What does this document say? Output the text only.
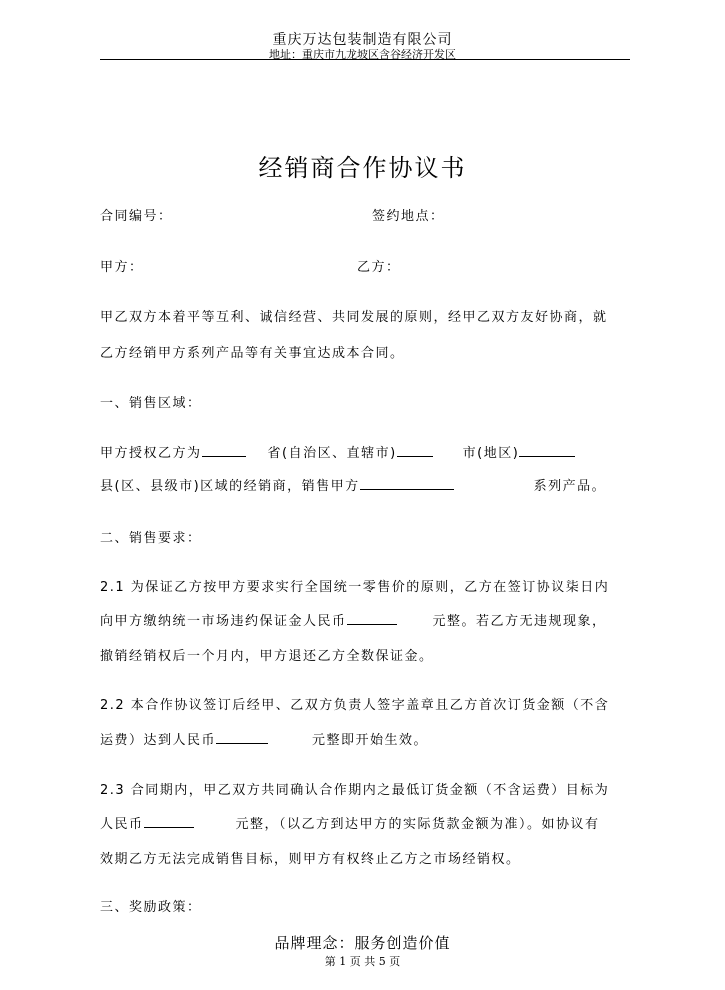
重庆万达包装制造有限公司
地址：重庆市九龙坡区含谷经济开发区
经销商合作协议书
合同编号：	签约地点：
甲方：	乙方：
甲乙双方本着平等互利、诚信经营、共同发展的原则，经甲乙双方友好协商，就
乙方经销甲方系列产品等有关事宜达成本合同。
一、销售区域：
甲方授权乙方为	省(自治区、直辖市)	市(地区)
县(区、县级市)区域的经销商，销售甲方	系列产品。
二、销售要求：
2.1 为保证乙方按甲方要求实行全国统一零售价的原则，乙方在签订协议柒日内
向甲方缴纳统一市场违约保证金人民币	元整。若乙方无违规现象，
撤销经销权后一个月内，甲方退还乙方全数保证金。
2.2 本合作协议签订后经甲、乙双方负责人签字盖章且乙方首次订货金额（不含
运费）达到人民币	元整即开始生效。
2.3 合同期内，甲乙双方共同确认合作期内之最低订货金额（不含运费）目标为
人民币	元整，（以乙方到达甲方的实际货款金额为准）。如协议有
效期乙方无法完成销售目标，则甲方有权终止乙方之市场经销权。
三、奖励政策：
品牌理念：服务创造价值
第 1 页 共 5 页
